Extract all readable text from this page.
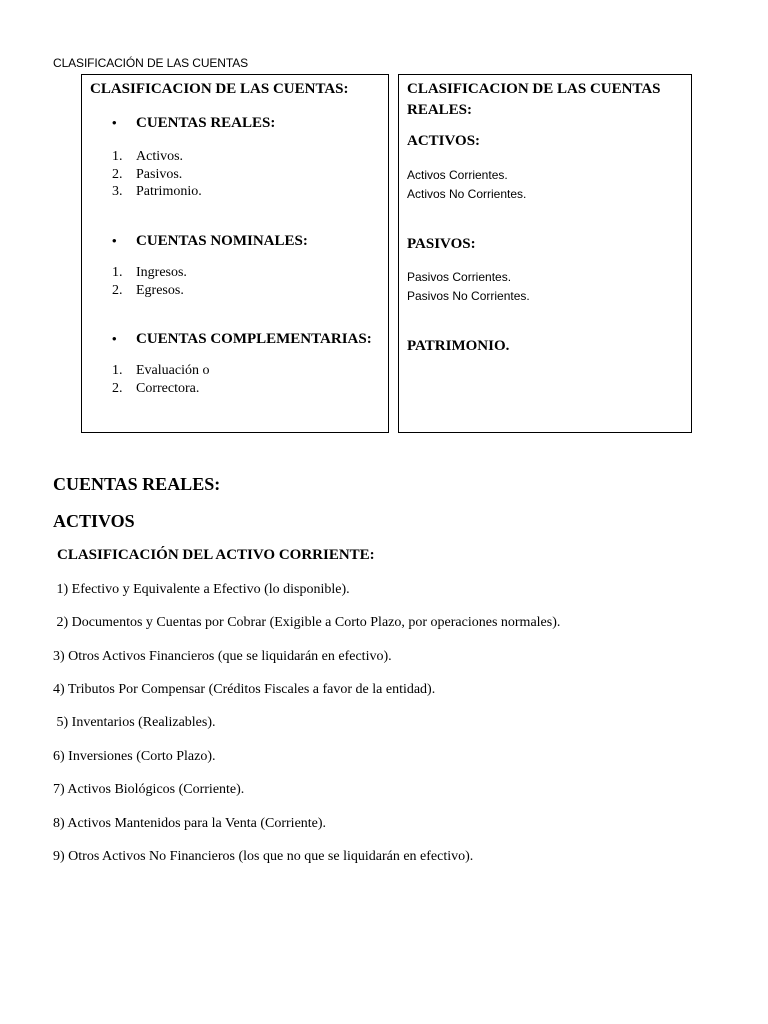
CLASIFICACIÓN DE LAS CUENTAS
CLASIFICACION DE LAS CUENTAS:
• CUENTAS REALES:
1. Activos.
2. Pasivos.
3. Patrimonio.
• CUENTAS NOMINALES:
1. Ingresos.
2. Egresos.
• CUENTAS COMPLEMENTARIAS:
1. Evaluación o
2. Correctora.
CLASIFICACION DE LAS CUENTAS
REALES:
ACTIVOS:
Activos Corrientes.
Activos No Corrientes.
PASIVOS:
Pasivos Corrientes.
Pasivos No Corrientes.
PATRIMONIO.
CUENTAS REALES:
ACTIVOS
CLASIFICACIÓN DEL ACTIVO CORRIENTE:
1) Efectivo y Equivalente a Efectivo (lo disponible).
2) Documentos y Cuentas por Cobrar (Exigible a Corto Plazo, por operaciones normales).
3) Otros Activos Financieros (que se liquidarán en efectivo).
4) Tributos Por Compensar (Créditos Fiscales a favor de la entidad).
5) Inventarios (Realizables).
6) Inversiones (Corto Plazo).
7) Activos Biológicos (Corriente).
8) Activos Mantenidos para la Venta (Corriente).
9) Otros Activos No Financieros (los que no que se liquidarán en efectivo).
